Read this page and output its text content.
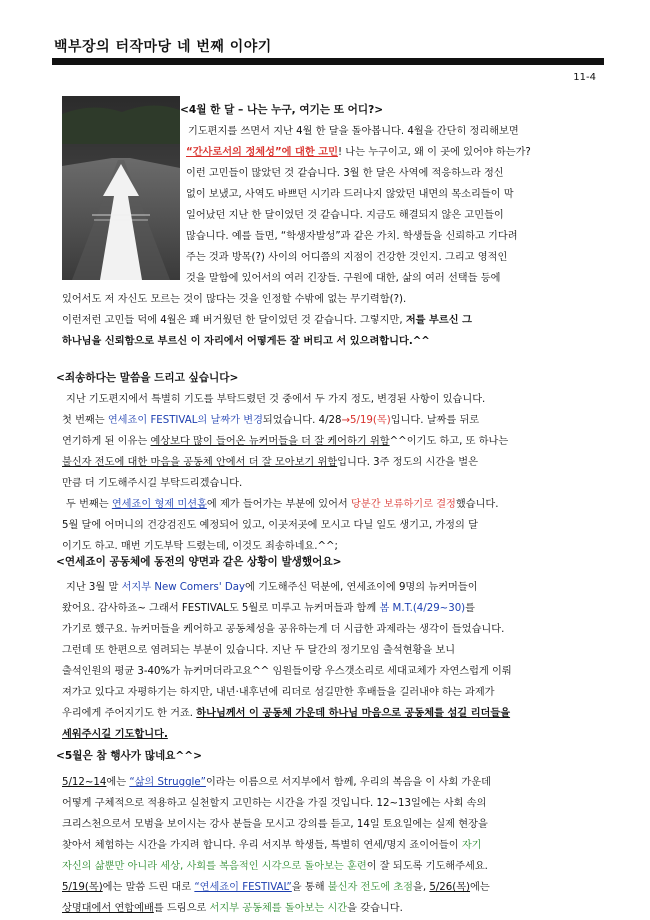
백부장의 터작마당 네 번째 이야기
11-4
<4월 한 달 – 나는 누구, 여기는 또 어디?>
기도편지를 쓰면서 지난 4월 한 달을 돌아봅니다. 4월을 간단히 정리해보면
“간사로서의 정체성”에 대한 고민! 나는 누구이고, 왜 이 곳에 있어야 하는가?
이런 고민들이 많았던 것 같습니다. 3월 한 달은 사역에 적응하느라 정신
없이 보냈고, 사역도 바쁘던 시기라 드러나지 않았던 내면의 목소리들이 막
일어났던 지난 한 달이었던 것 같습니다. 지금도 해결되지 않은 고민들이
많습니다. 예를 들면, “학생자발성”과 같은 가치. 학생들을 신뢰하고 기다려
주는 것과 방목(?) 사이의 어디쯤의 지점이 건강한 것인지. 그리고 영적인
것을 말함에 있어서의 여러 긴장들. 구원에 대한, 삶의 여러 선택들 등에
있어서도 저 자신도 모르는 것이 많다는 것을 인정할 수밖에 없는 무기력함(?).
이런저런 고민들 덕에 4월은 꽤 버거웠던 한 달이었던 것 같습니다. 그렇지만, 저를 부르신 그
하나님을 신뢰함으로 부르신 이 자리에서 어떻게든 잘 버티고 서 있으려합니다.^^
<죄송하다는 말씀을 드리고 싶습니다>
지난 기도편지에서 특별히 기도를 부탁드렸던 것 중에서 두 가지 정도, 변경된 사항이 있습니다.
첫 번째는 연세죠이 FESTIVAL의 날짜가 변경되었습니다. 4/28→5/19(목)입니다. 날짜를 뒤로
연기하게 된 이유는 예상보다 많이 들어온 뉴커머들을 더 잘 케어하기 위함^^이기도 하고, 또 하나는
불신자 전도에 대한 마음을 공동체 안에서 더 잘 모아보기 위함입니다. 3주 정도의 시간을 벌은
만큼 더 기도해주시길 부탁드리겠습니다.
두 번째는 연세죠이 형제 미션홈에 제가 들어가는 부분에 있어서 당분간 보류하기로 결정했습니다.
5월 달에 어머니의 건강검진도 예정되어 있고, 이곳저곳에 모시고 다닐 일도 생기고, 가정의 달
이기도 하고. 매번 기도부탁 드렸는데, 이것도 죄송하네요.^^;
<연세죠이 공동체에 동전의 양면과 같은 상황이 발생했어요>
지난 3월 말 서지부 New Comers' Day에 기도해주신 덕분에, 연세죠이에 9명의 뉴커머들이
왔어요. 감사하죠~ 그래서 FESTIVAL도 5월로 미루고 뉴커머들과 함께 봄 M.T.(4/29~30)를
가기로 했구요. 뉴커머들을 케어하고 공동체성을 공유하는게 더 시급한 과제라는 생각이 들었습니다.
그런데 또 한편으로 염려되는 부분이 있습니다. 지난 두 달간의 정기모임 출석현황을 보니
출석인원의 평균 3-40%가 뉴커머더라고요^^ 임원들이랑 우스갯소리로 세대교체가 자연스럽게 이뤄
져가고 있다고 자평하기는 하지만, 내년·내후년에 리더로 섬길만한 후배들을 길러내야 하는 과제가
우리에게 주어지기도 한 거죠. 하나님께서 이 공동체 가운데 하나님 마음으로 공동체를 섬길 리더들을
세워주시길 기도합니다.
<5월은 참 행사가 많네요^^>
5/12~14에는 “삶의 Struggle”이라는 이름으로 서지부에서 함께, 우리의 복음을 이 사회 가운데
어떻게 구체적으로 적용하고 실천할지 고민하는 시간을 가질 것입니다. 12~13일에는 사회 속의
크리스천으로서 모범을 보이시는 강사 분들을 모시고 강의를 듣고, 14일 토요일에는 실제 현장을
찾아서 체험하는 시간을 가지려 합니다. 우리 서지부 학생들, 특별히 연세/명지 죠이어들이 자기
자신의 삶뿐만 아니라 세상, 사회를 복음적인 시각으로 돌아보는 훈련이 잘 되도록 기도해주세요.
5/19(목)에는 말씀 드린 대로 “연세죠이 FESTIVAL”을 통해 불신자 전도에 초점을, 5/26(목)에는
상명대에서 연합예배를 드림으로 서지부 공동체를 돌아보는 시간을 갖습니다.
